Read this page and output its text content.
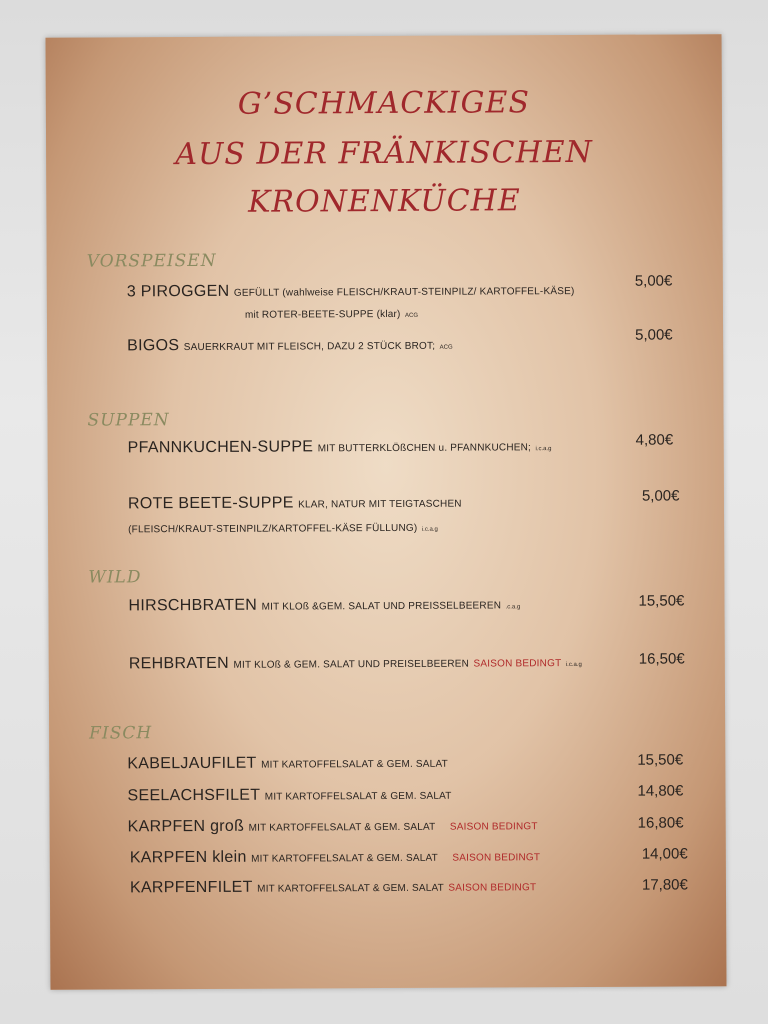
G’SCHMACKIGES
AUS DER FRÄNKISCHEN
KRONENKÜCHE
VORSPEISEN
3 PIROGGEN GEFÜLLT (wahlweise FLEISCH/KRAUT-STEINPILZ/ KARTOFFEL-KÄSE)
mit ROTER-BEETE-SUPPE (klar) ACG
5,00€
BIGOS SAUERKRAUT MIT FLEISCH, DAZU 2 STÜCK BROT; ACG
5,00€
SUPPEN
PFANNKUCHEN-SUPPE MIT BUTTERKLÖßCHEN u. PFANNKUCHEN; i.c.a.g
4,80€
ROTE BEETE-SUPPE KLAR, NATUR MIT TEIGTASCHEN
(FLEISCH/KRAUT-STEINPILZ/KARTOFFEL-KÄSE FÜLLUNG) i.c.a.g
5,00€
WILD
HIRSCHBRATEN MIT KLOß &GEM. SALAT UND PREISSELBEEREN .c.a.g	15,50€
REHBRATEN MIT KLOß & GEM. SALAT UND PREISELBEEREN SAISON BEDINGT i.c.a.g	16,50€
FISCH
KABELJAUFILET MIT KARTOFFELSALAT & GEM. SALAT	15,50€
SEELACHSFILET MIT KARTOFFELSALAT & GEM. SALAT	14,80€
KARPFEN groß MIT KARTOFFELSALAT & GEM. SALAT SAISON BEDINGT	16,80€
KARPFEN klein MIT KARTOFFELSALAT & GEM. SALAT SAISON BEDINGT	14,00€
KARPFENFILET MIT KARTOFFELSALAT & GEM. SALAT SAISON BEDINGT	17,80€
